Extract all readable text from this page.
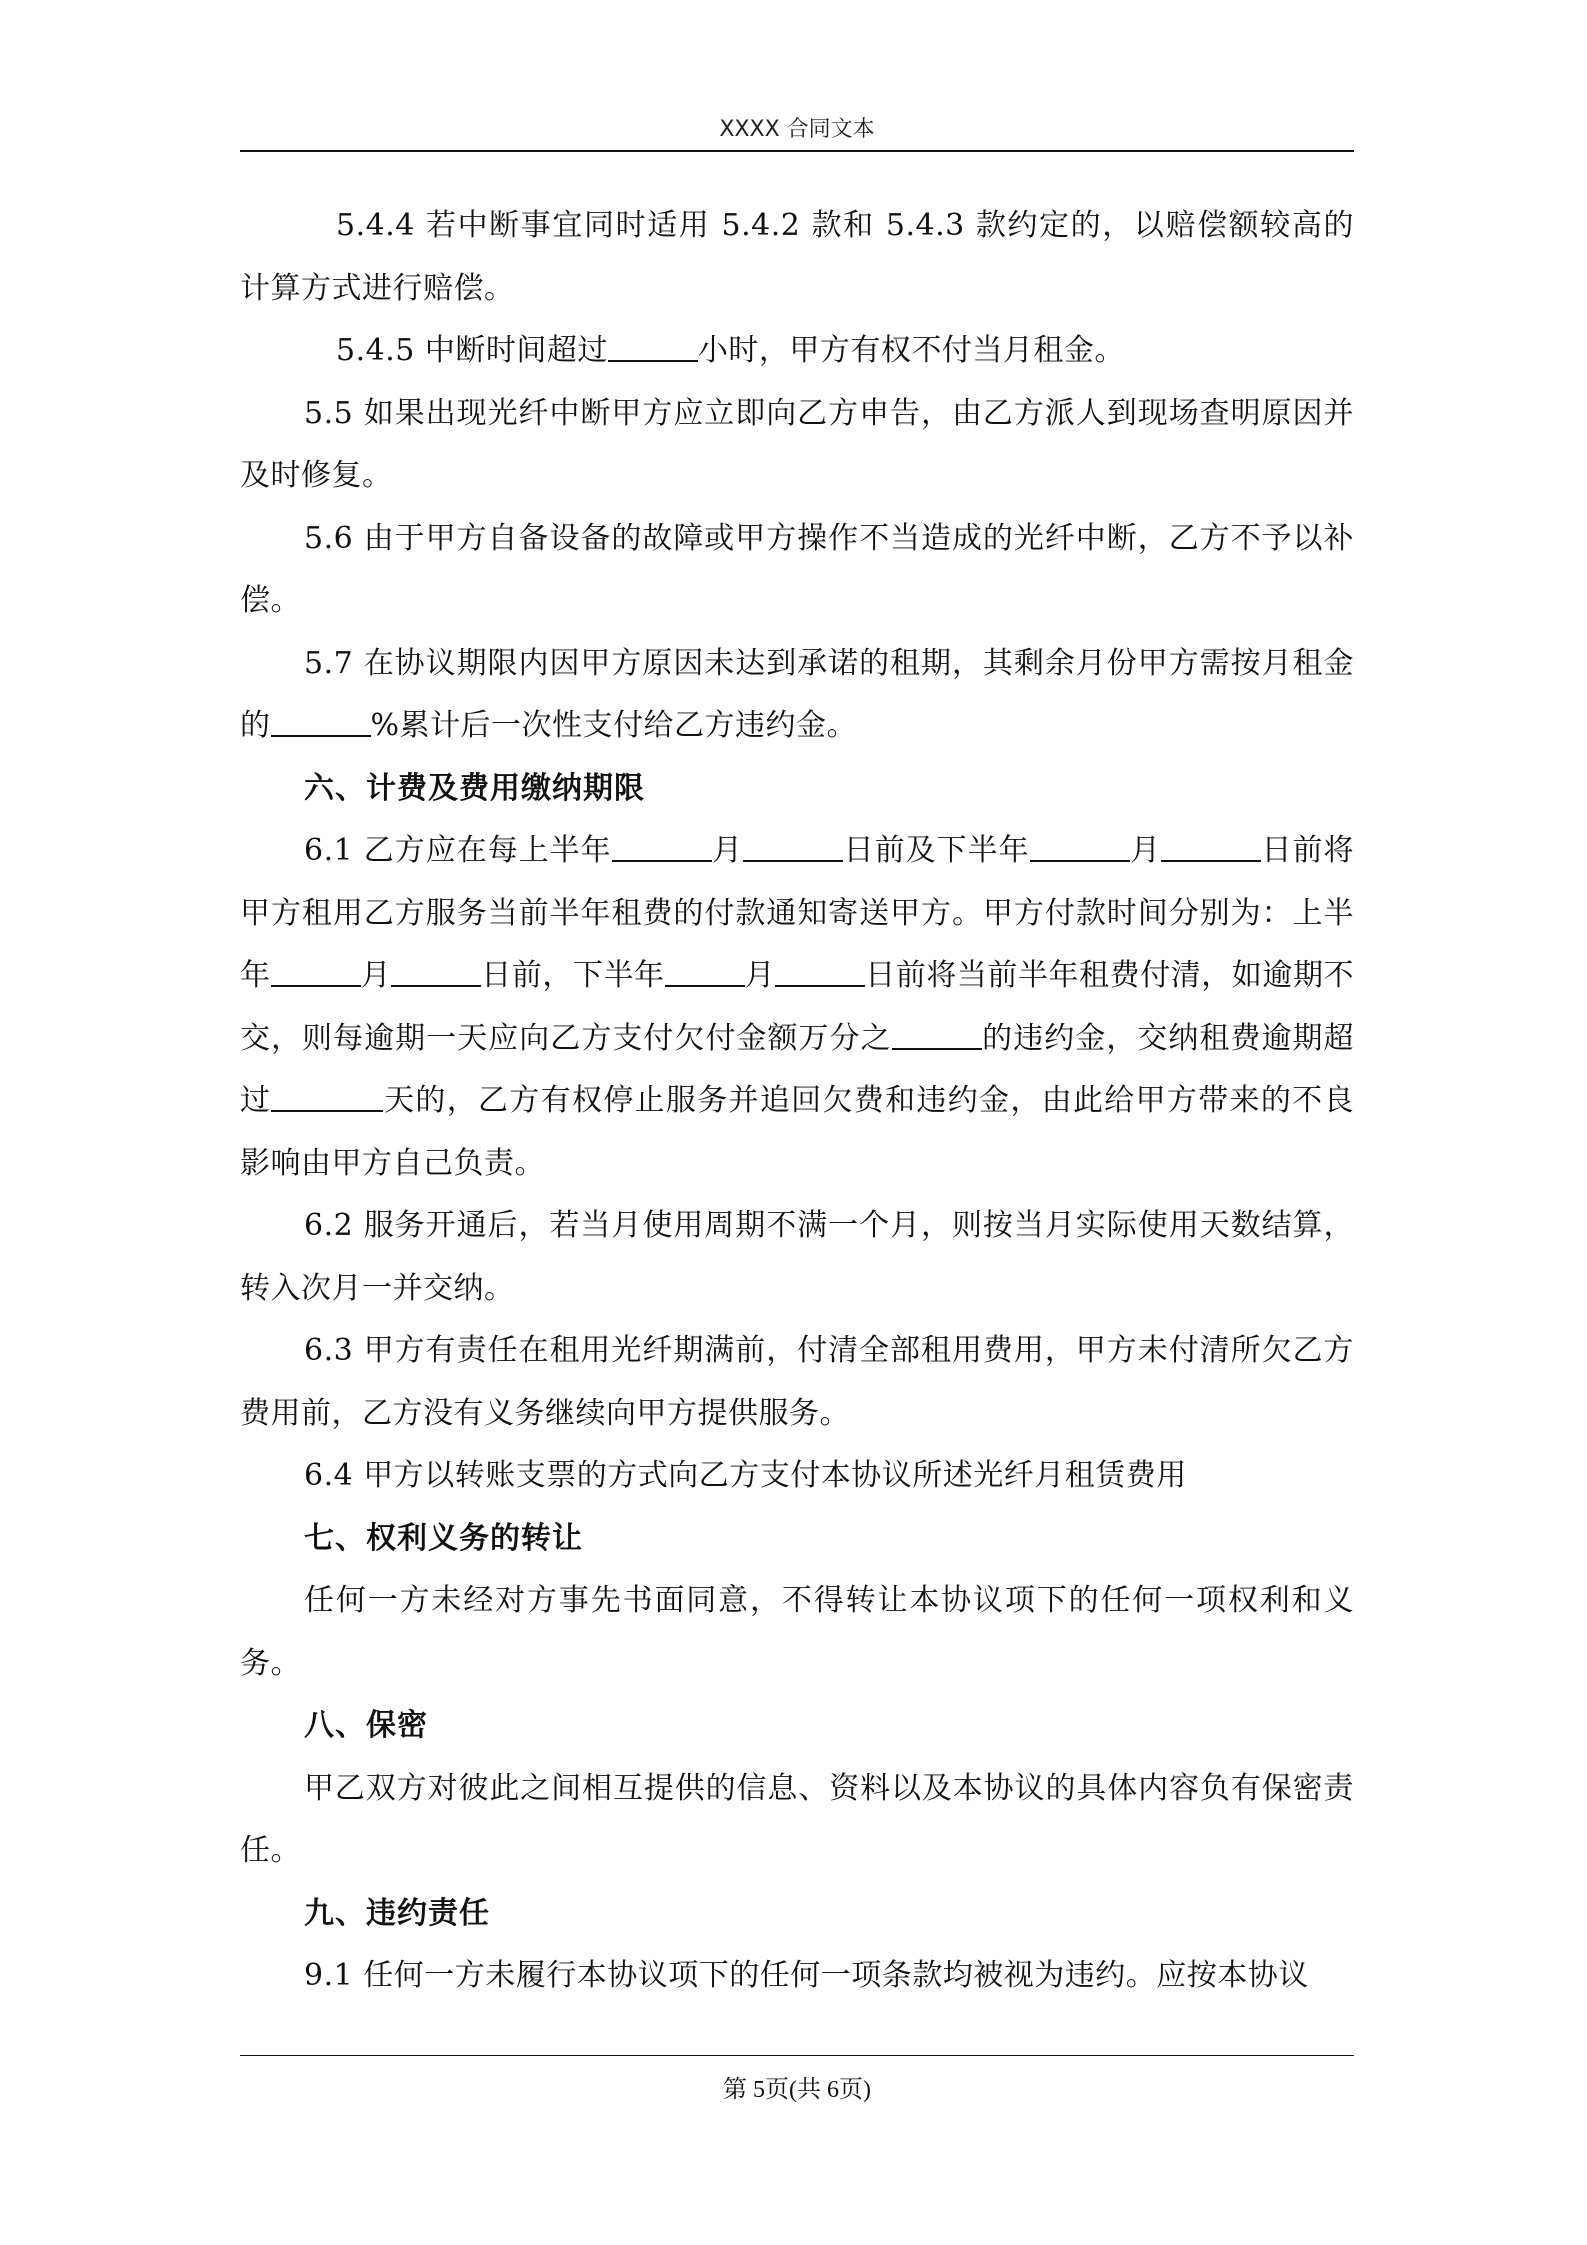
XXXX 合同文本

5.4.4 若中断事宜同时适用 5.4.2 款和 5.4.3 款约定的，以赔偿额较高的计算方式进行赔偿。

5.4.5 中断时间超过	小时，甲方有权不付当月租金。

5.5 如果出现光纤中断甲方应立即向乙方申告，由乙方派人到现场查明原因并及时修复。

5.6 由于甲方自备设备的故障或甲方操作不当造成的光纤中断，乙方不予以补偿。

5.7 在协议期限内因甲方原因未达到承诺的租期，其剩余月份甲方需按月租金的	%累计后一次性支付给乙方违约金。

六、计费及费用缴纳期限

6.1 乙方应在每上半年	月	日前及下半年	月	日前将甲方租用乙方服务当前半年租费的付款通知寄送甲方。甲方付款时间分别为：上半年	月	日前，下半年	月	日前将当前半年租费付清，如逾期不交，则每逾期一天应向乙方支付欠付金额万分之	的违约金，交纳租费逾期超过	天的，乙方有权停止服务并追回欠费和违约金，由此给甲方带来的不良影响由甲方自己负责。

6.2 服务开通后，若当月使用周期不满一个月，则按当月实际使用天数结算，转入次月一并交纳。

6.3 甲方有责任在租用光纤期满前，付清全部租用费用，甲方未付清所欠乙方费用前，乙方没有义务继续向甲方提供服务。

6.4 甲方以转账支票的方式向乙方支付本协议所述光纤月租赁费用

七、权利义务的转让

任何一方未经对方事先书面同意，不得转让本协议项下的任何一项权利和义务。

八、保密

甲乙双方对彼此之间相互提供的信息、资料以及本协议的具体内容负有保密责任。

九、违约责任

9.1 任何一方未履行本协议项下的任何一项条款均被视为违约。应按本协议

第 5页(共 6页)
